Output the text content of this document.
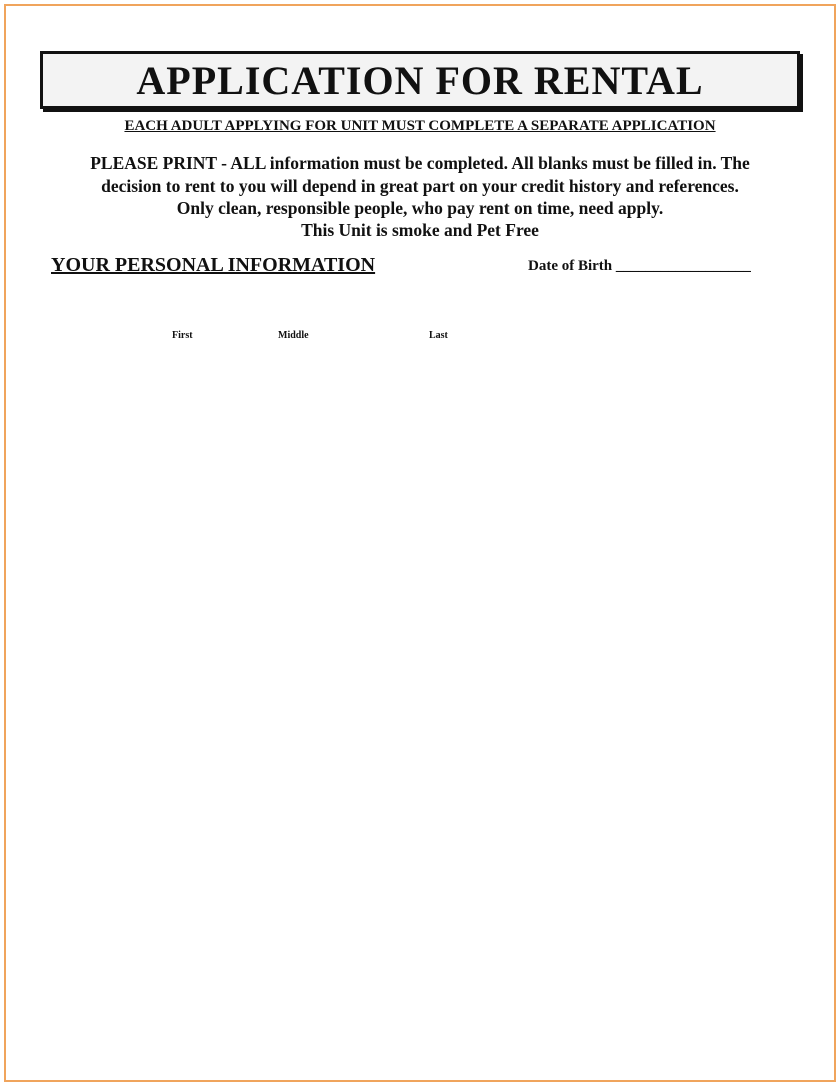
APPLICATION FOR RENTAL
EACH ADULT APPLYING FOR UNIT MUST COMPLETE A SEPARATE APPLICATION
PLEASE PRINT - ALL information must be completed. All blanks must be filled in. The
decision to rent to you will depend in great part on your credit history and references.
Only clean, responsible people, who pay rent on time, need apply.
This Unit is smoke and Pet Free
YOUR PERSONAL INFORMATION	Date of Birth __________________
First	Middle	Last
